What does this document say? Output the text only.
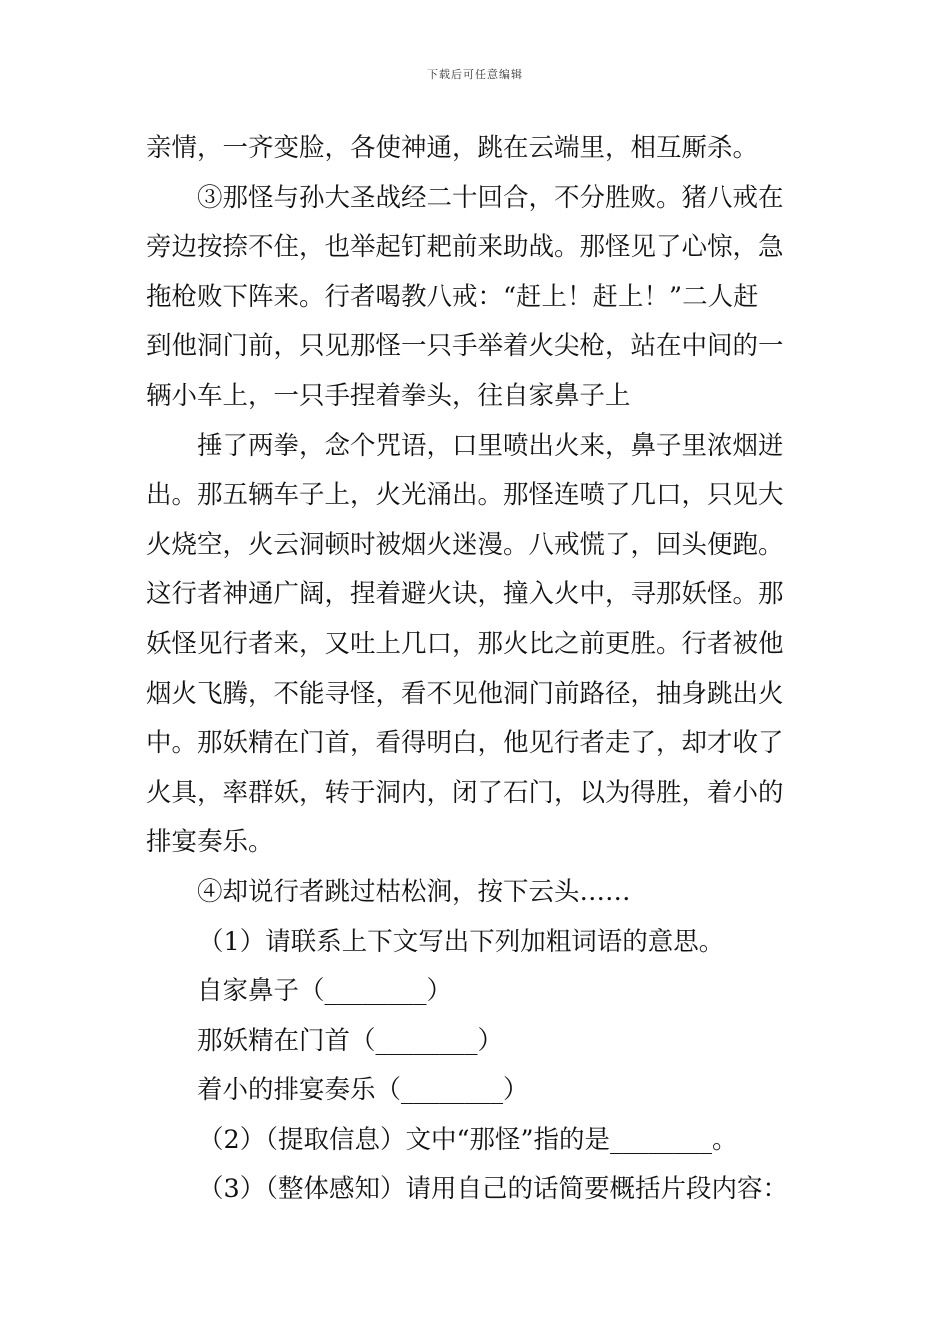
下载后可任意编辑
亲情，一齐变脸，各使神通，跳在云端里，相互厮杀。
③那怪与孙大圣战经二十回合，不分胜败。猪八戒在
旁边按捺不住，也举起钉耙前来助战。那怪见了心惊，急
拖枪败下阵来。行者喝教八戒：“赶上！赶上！”二人赶
到他洞门前，只见那怪一只手举着火尖枪，站在中间的一
辆小车上，一只手捏着拳头，往自家鼻子上
捶了两拳，念个咒语，口里喷出火来，鼻子里浓烟迸
出。那五辆车子上，火光涌出。那怪连喷了几口，只见大
火烧空，火云洞顿时被烟火迷漫。八戒慌了，回头便跑。
这行者神通广阔，捏着避火诀，撞入火中，寻那妖怪。那
妖怪见行者来，又吐上几口，那火比之前更胜。行者被他
烟火飞腾，不能寻怪，看不见他洞门前路径，抽身跳出火
中。那妖精在门首，看得明白，他见行者走了，却才收了
火具，率群妖，转于洞内，闭了石门，以为得胜，着小的
排宴奏乐。
④却说行者跳过枯松涧，按下云头……
（1）请联系上下文写出下列加粗词语的意思。
自家鼻子（________）
那妖精在门首（________）
着小的排宴奏乐（________）
（2）（提取信息）文中“那怪”指的是________。
（3）（整体感知）请用自己的话简要概括片段内容：
